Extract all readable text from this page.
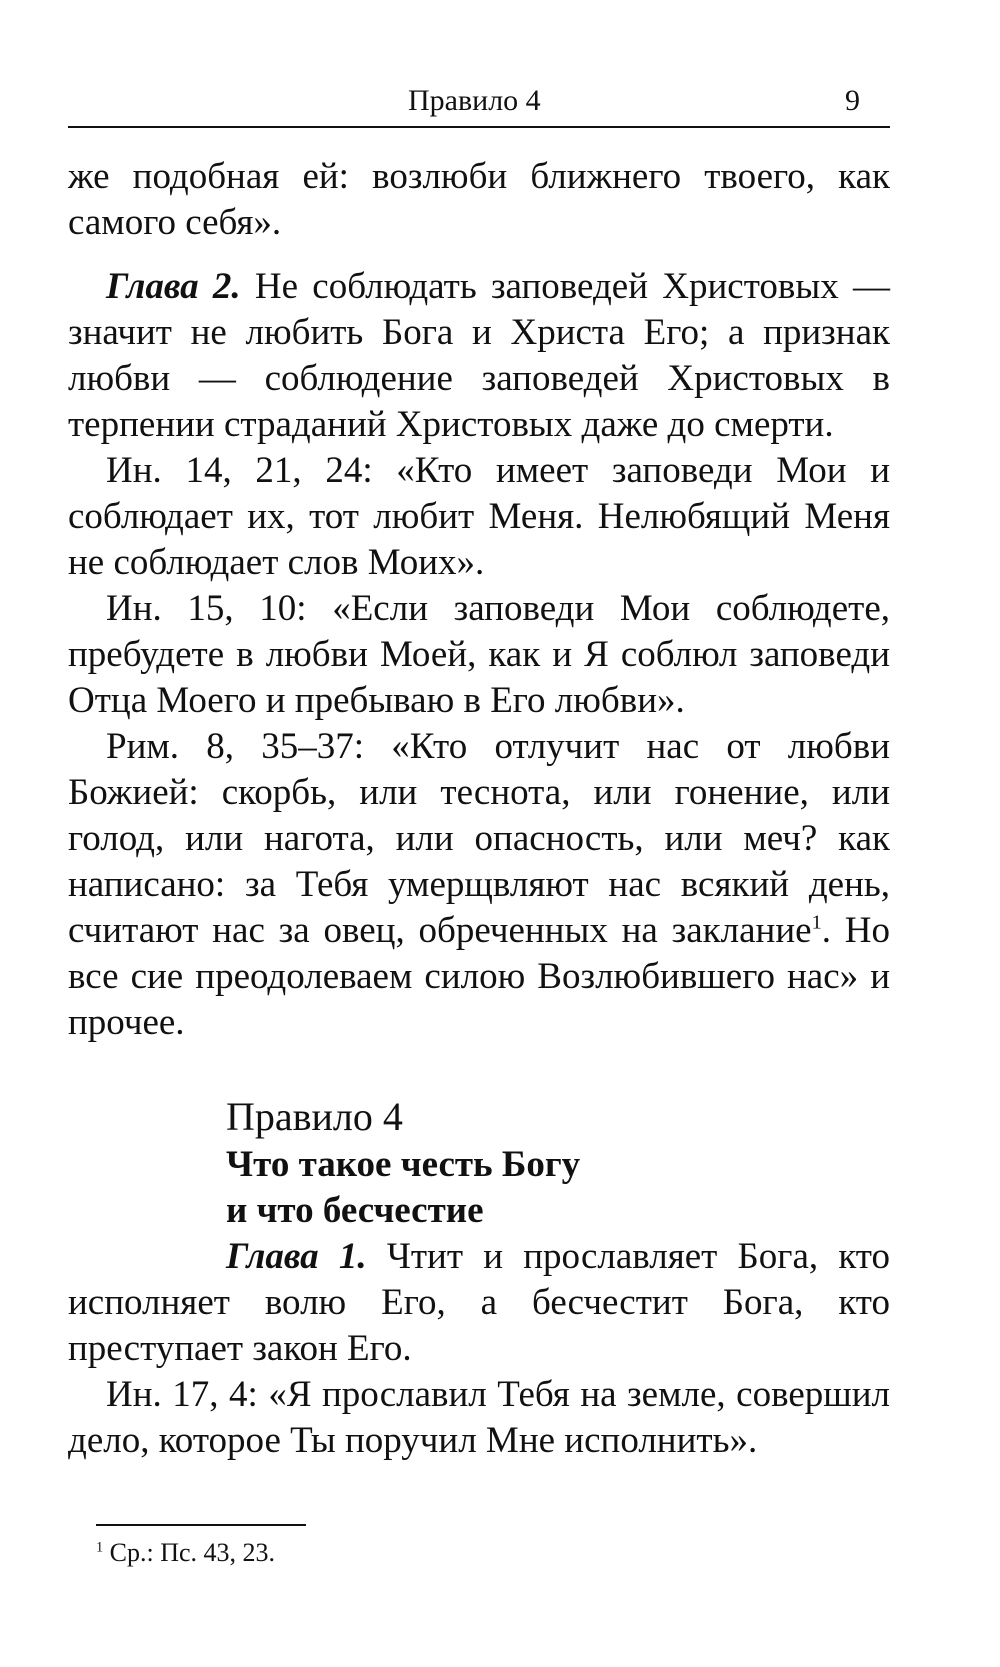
Правило 4	9

же подобная ей: возлюби ближнего твоего, как самого себя».

Глава 2. Не соблюдать заповедей Христовых — значит не любить Бога и Христа Его; а признак любви — соблюдение заповедей Христовых в терпении страданий Христовых даже до смерти.

Ин. 14, 21, 24: «Кто имеет заповеди Мои и соблюдает их, тот любит Меня. Нелюбящий Меня не соблюдает слов Моих».

Ин. 15, 10: «Если заповеди Мои соблюдете, пребудете в любви Моей, как и Я соблюл заповеди Отца Моего и пребываю в Его любви».

Рим. 8, 35–37: «Кто отлучит нас от любви Божией: скорбь, или теснота, или гонение, или голод, или нагота, или опасность, или меч? как написано: за Тебя умерщвляют нас всякий день, считают нас за овец, обреченных на заклание$^1$. Но все сие преодолеваем силою Возлюбившего нас» и прочее.

Правило 4
Что такое честь Богу
и что бесчестие

Глава 1. Чтит и прославляет Бога, кто исполняет волю Его, а бесчестит Бога, кто преступает закон Его.

Ин. 17, 4: «Я прославил Тебя на земле, совершил дело, которое Ты поручил Мне исполнить».

$^1$ Ср.: Пс. 43, 23.
